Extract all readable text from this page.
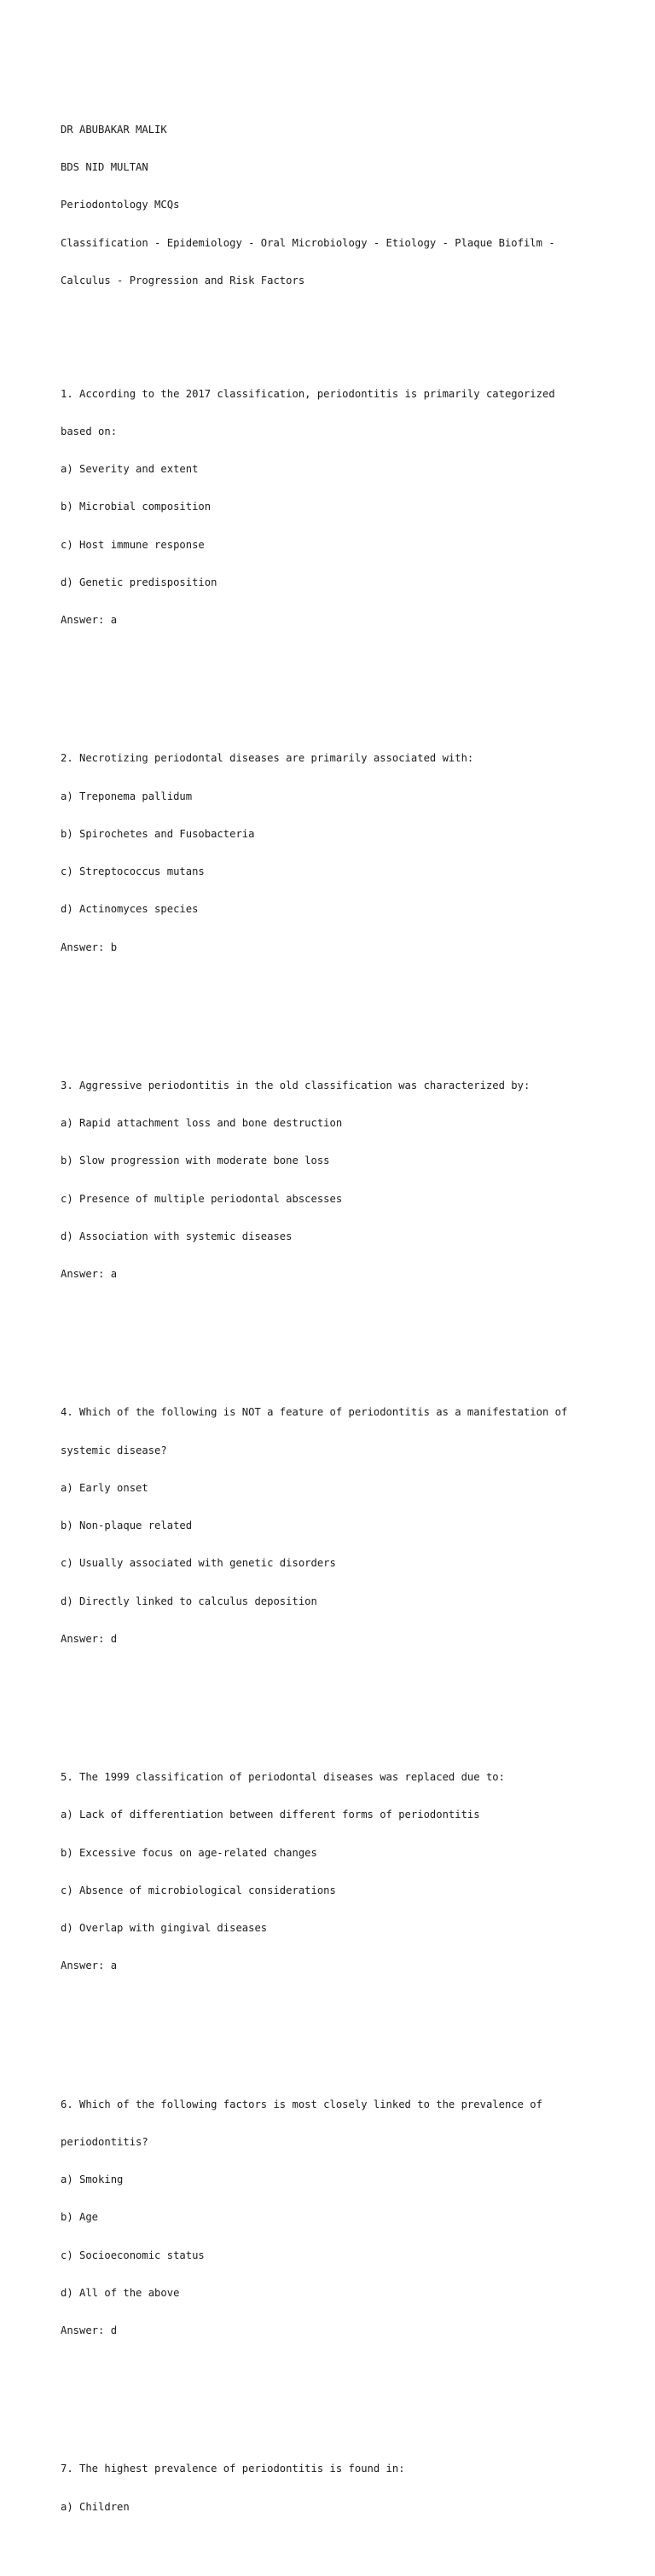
DR ABUBAKAR MALIK

BDS NID MULTAN

Periodontology MCQs

Classification - Epidemiology - Oral Microbiology - Etiology - Plaque Biofilm -

Calculus - Progression and Risk Factors

1. According to the 2017 classification, periodontitis is primarily categorized

based on:

a) Severity and extent

b) Microbial composition

c) Host immune response

d) Genetic predisposition

Answer: a

2. Necrotizing periodontal diseases are primarily associated with:

a) Treponema pallidum

b) Spirochetes and Fusobacteria

c) Streptococcus mutans

d) Actinomyces species

Answer: b

3. Aggressive periodontitis in the old classification was characterized by:

a) Rapid attachment loss and bone destruction

b) Slow progression with moderate bone loss

c) Presence of multiple periodontal abscesses

d) Association with systemic diseases

Answer: a

4. Which of the following is NOT a feature of periodontitis as a manifestation of

systemic disease?

a) Early onset

b) Non-plaque related

c) Usually associated with genetic disorders

d) Directly linked to calculus deposition

Answer: d

5. The 1999 classification of periodontal diseases was replaced due to:

a) Lack of differentiation between different forms of periodontitis

b) Excessive focus on age-related changes

c) Absence of microbiological considerations

d) Overlap with gingival diseases

Answer: a

6. Which of the following factors is most closely linked to the prevalence of

periodontitis?

a) Smoking

b) Age

c) Socioeconomic status

d) All of the above

Answer: d

7. The highest prevalence of periodontitis is found in:

a) Children
